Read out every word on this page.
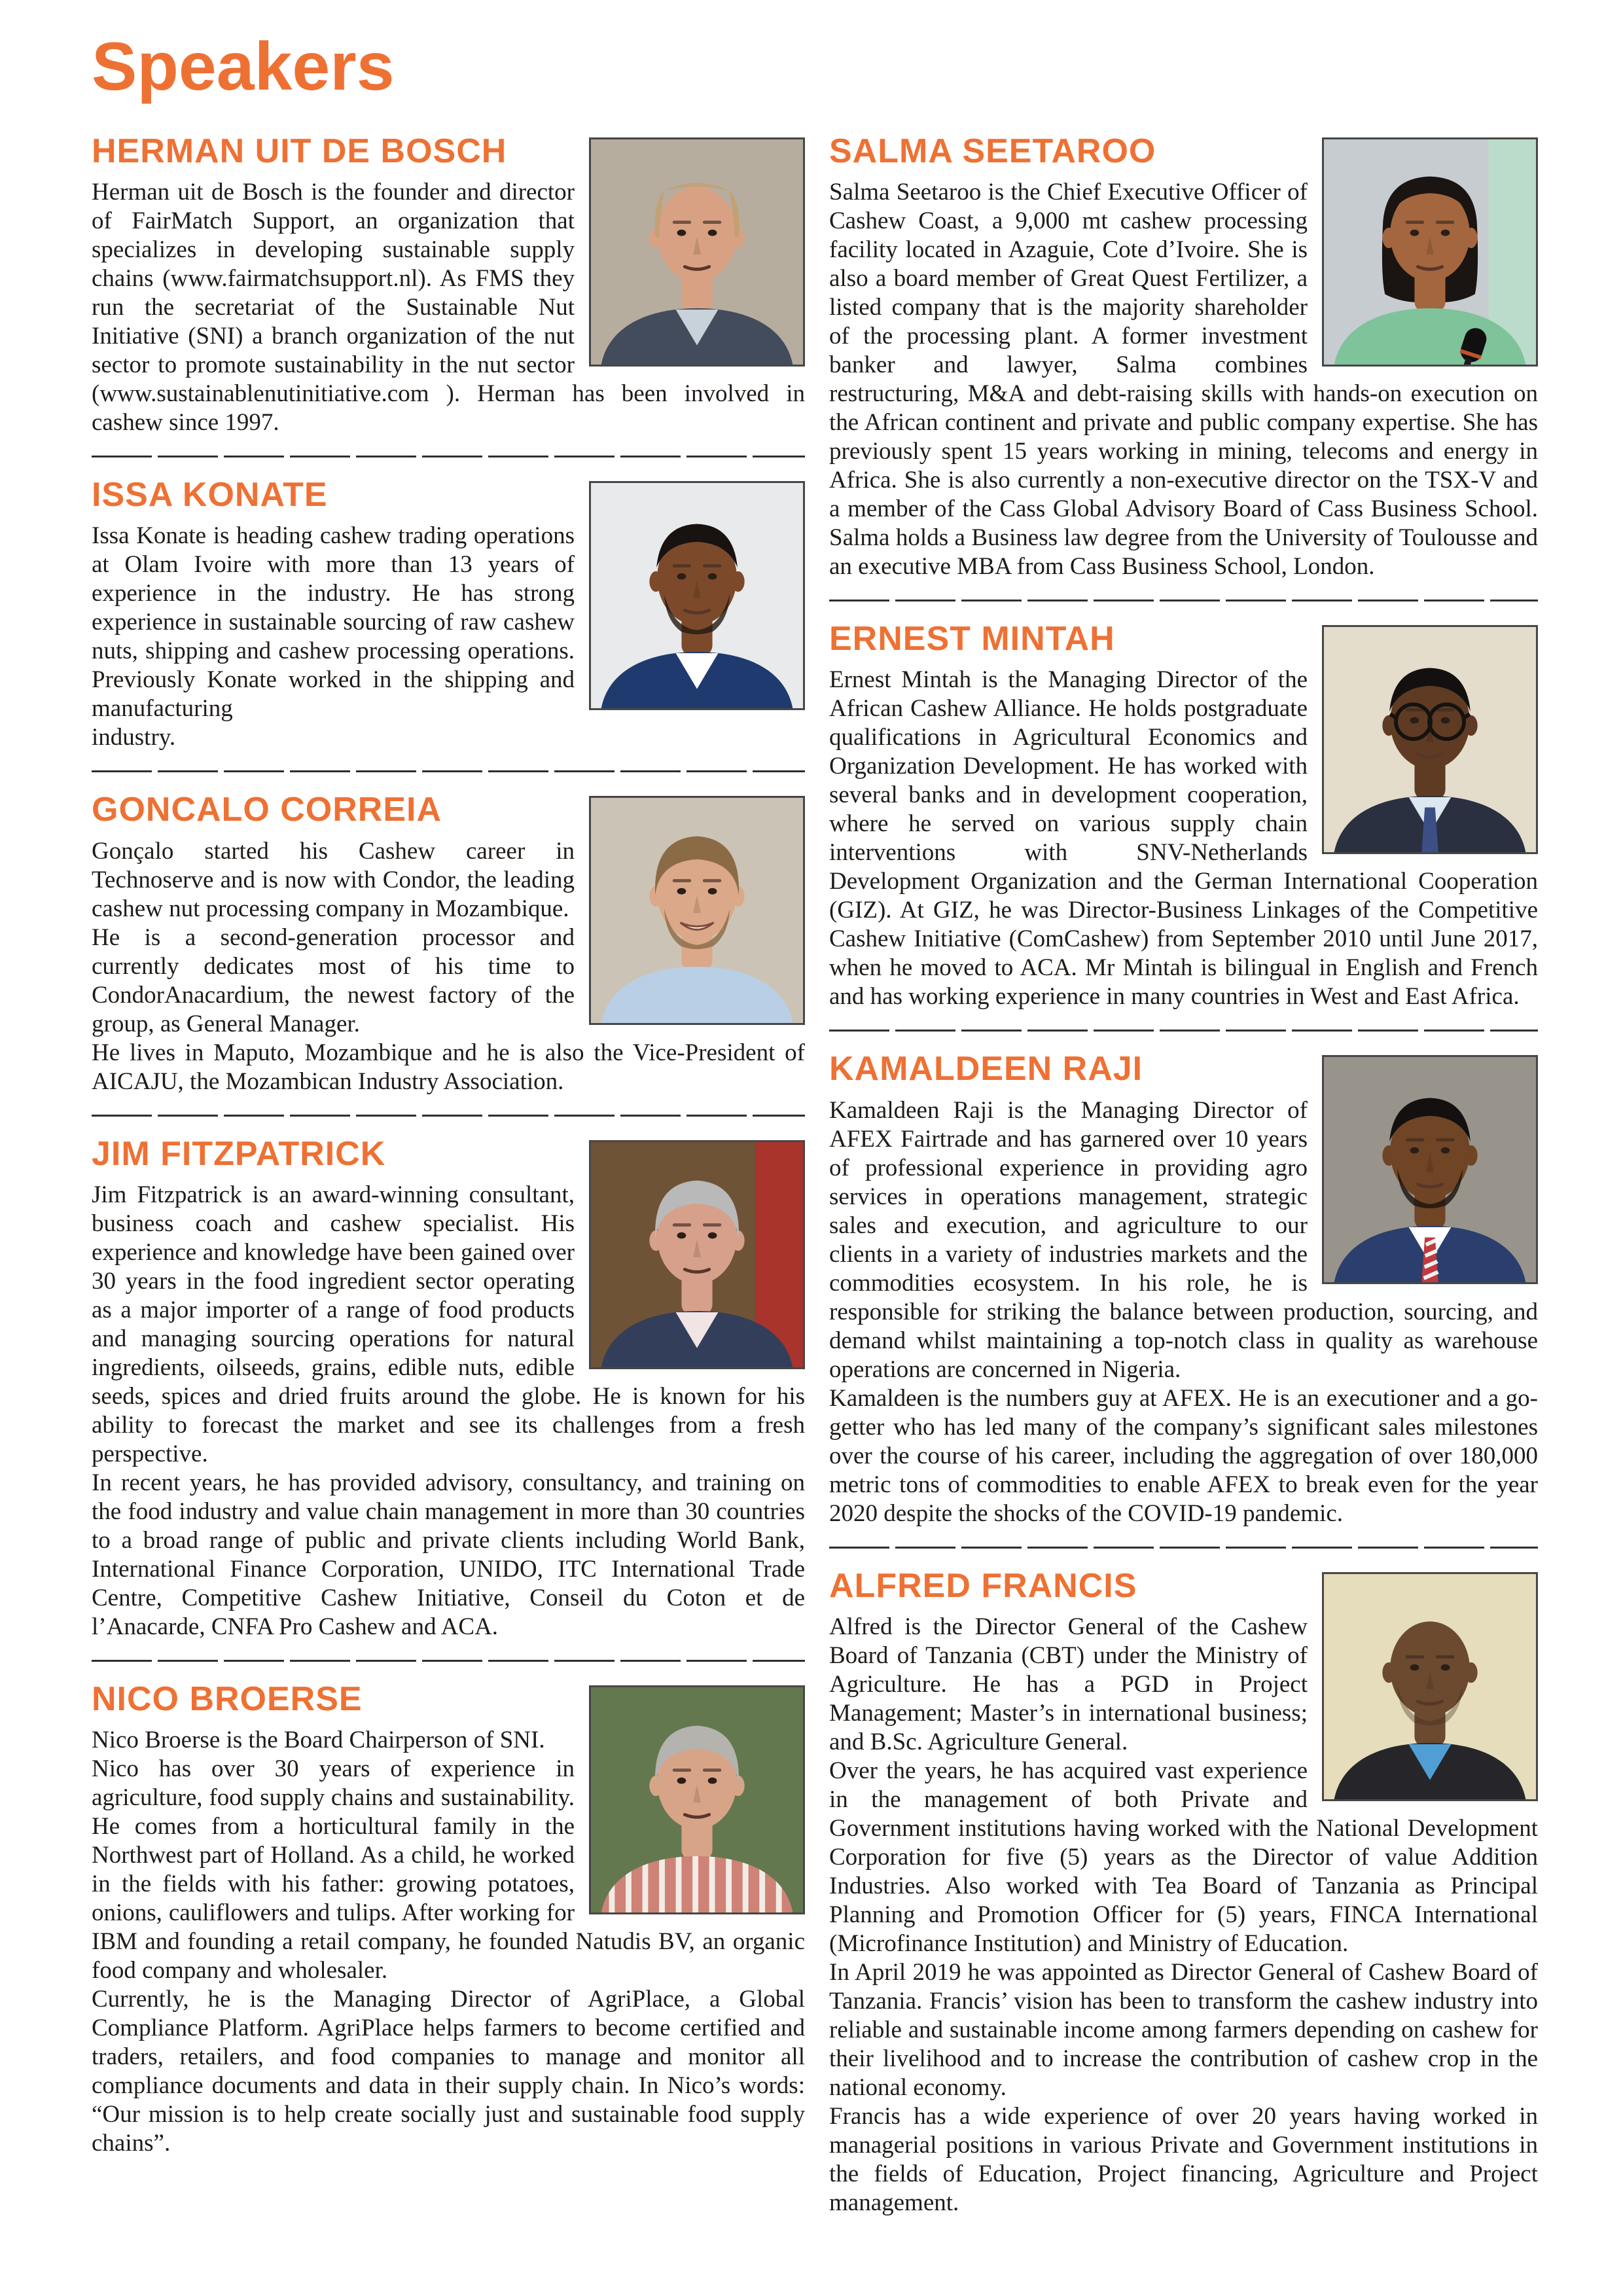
Speakers
HERMAN UIT DE BOSCH

Herman uit de Bosch is the founder and director of FairMatch Support, an organization that specializes in developing sustainable supply chains (www.fairmatchsupport.nl). As FMS they run the secretariat of the Sustainable Nut Initiative (SNI) a branch organization of the nut sector to promote sustainability in the nut sector (www.sustainablenutinitiative.com ). Herman has been involved in cashew since 1997.

ISSA KONATE

Issa Konate is heading cashew trading operations at Olam Ivoire with more than 13 years of experience in the industry. He has strong experience in sustainable sourcing of raw cashew nuts, shipping and cashew processing operations. Previously Konate worked in the shipping and manufacturing

industry.

GONCALO CORREIA

Gonçalo started his Cashew career in Technoserve and is now with Condor, the leading cashew nut processing company in Mozambique.

He is a second-generation processor and currently dedicates most of his time to CondorAnacardium, the newest factory of the group, as General Manager.

He lives in Maputo, Mozambique and he is also the Vice-President of AICAJU, the Mozambican Industry Association.

JIM FITZPATRICK

Jim Fitzpatrick is an award-winning consultant, business coach and cashew specialist. His experience and knowledge have been gained over 30 years in the food ingredient sector operating as a major importer of a range of food products and managing sourcing operations for natural ingredients, oilseeds, grains, edible nuts, edible seeds, spices and dried fruits around the globe. He is known for his ability to forecast the market and see its challenges from a fresh perspective.

In recent years, he has provided advisory, consultancy, and training on the food industry and value chain management in more than 30 countries to a broad range of public and private clients including World Bank, International Finance Corporation, UNIDO, ITC International Trade Centre, Competitive Cashew Initiative, Conseil du Coton et de l’Anacarde, CNFA Pro Cashew and ACA.

NICO BROERSE

Nico Broerse is the Board Chairperson of SNI.

Nico has over 30 years of experience in agriculture, food supply chains and sustainability. He comes from a horticultural family in the Northwest part of Holland. As a child, he worked in the fields with his father: growing potatoes, onions, cauliflowers and tulips. After working for IBM and founding a retail company, he founded Natudis BV, an organic food company and wholesaler.

Currently, he is the Managing Director of AgriPlace, a Global Compliance Platform. AgriPlace helps farmers to become certified and traders, retailers, and food companies to manage and monitor all compliance documents and data in their supply chain. In Nico’s words: “Our mission is to help create socially just and sustainable food supply chains”.

SALMA SEETAROO

Salma Seetaroo is the Chief Executive Officer of Cashew Coast, a 9,000 mt cashew processing facility located in Azaguie, Cote d’Ivoire. She is also a board member of Great Quest Fertilizer, a listed company that is the majority shareholder of the processing plant. A former investment banker and lawyer, Salma combines restructuring, M&A and debt-raising skills with hands-on execution on the African continent and private and public company expertise. She has previously spent 15 years working in mining, telecoms and energy in Africa. She is also currently a non-executive director on the TSX-V and a member of the Cass Global Advisory Board of Cass Business School. Salma holds a Business law degree from the University of Toulousse and an executive MBA from Cass Business School, London.

ERNEST MINTAH

Ernest Mintah is the Managing Director of the African Cashew Alliance. He holds postgraduate qualifications in Agricultural Economics and Organization Development. He has worked with several banks and in development cooperation, where he served on various supply chain interventions with SNV-Netherlands Development Organization and the German International Cooperation (GIZ). At GIZ, he was Director-Business Linkages of the Competitive Cashew Initiative (ComCashew) from September 2010 until June 2017, when he moved to ACA. Mr Mintah is bilingual in English and French and has working experience in many countries in West and East Africa.

KAMALDEEN RAJI

Kamaldeen Raji is the Managing Director of AFEX Fairtrade and has garnered over 10 years of professional experience in providing agro services in operations management, strategic sales and execution, and agriculture to our clients in a variety of industries markets and the commodities ecosystem. In his role, he is responsible for striking the balance between production, sourcing, and demand whilst maintaining a top-notch class in quality as warehouse operations are concerned in Nigeria.

Kamaldeen is the numbers guy at AFEX. He is an executioner and a go-getter who has led many of the company’s significant sales milestones over the course of his career, including the aggregation of over 180,000 metric tons of commodities to enable AFEX to break even for the year 2020 despite the shocks of the COVID-19 pandemic.

ALFRED FRANCIS

Alfred is the Director General of the Cashew Board of Tanzania (CBT) under the Ministry of Agriculture. He has a PGD in Project Management; Master’s in international business; and B.Sc. Agriculture General.

Over the years, he has acquired vast experience in the management of both Private and Government institutions having worked with the National Development Corporation for five (5) years as the Director of value Addition Industries. Also worked with Tea Board of Tanzania as Principal Planning and Promotion Officer for (5) years, FINCA International (Microfinance Institution) and Ministry of Education.

In April 2019 he was appointed as Director General of Cashew Board of Tanzania. Francis’ vision has been to transform the cashew industry into reliable and sustainable income among farmers depending on cashew for their livelihood and to increase the contribution of cashew crop in the national economy.

Francis has a wide experience of over 20 years having worked in managerial positions in various Private and Government institutions in the fields of Education, Project financing, Agriculture and Project management.
